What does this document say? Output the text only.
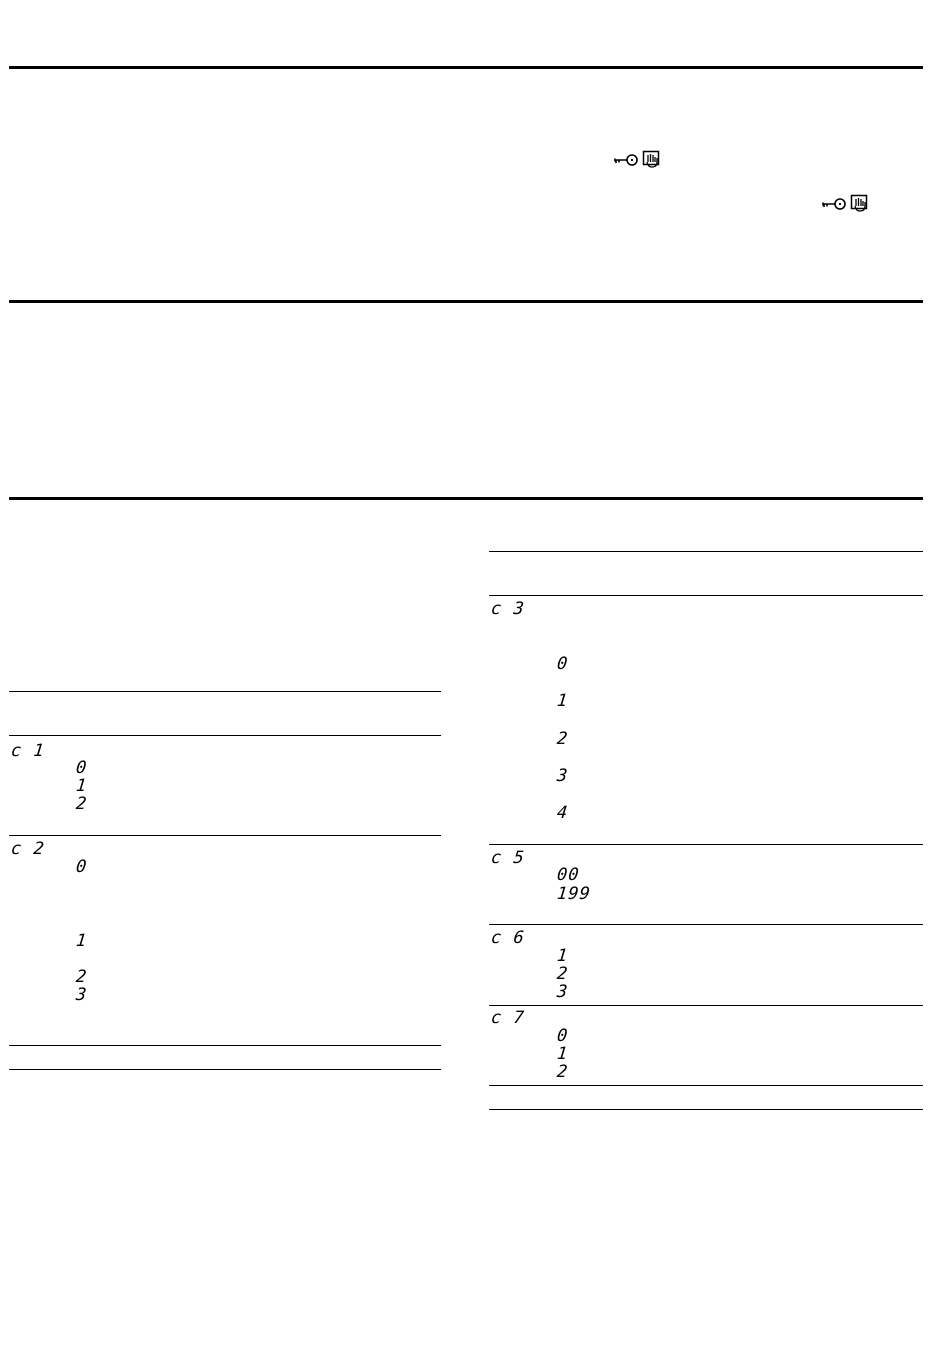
c 1
0
1
2
c 2
0
1
2
3
c 3
0
1
2
3
4
c 5
00
199
c 6
1
2
3
c 7
0
1
2
